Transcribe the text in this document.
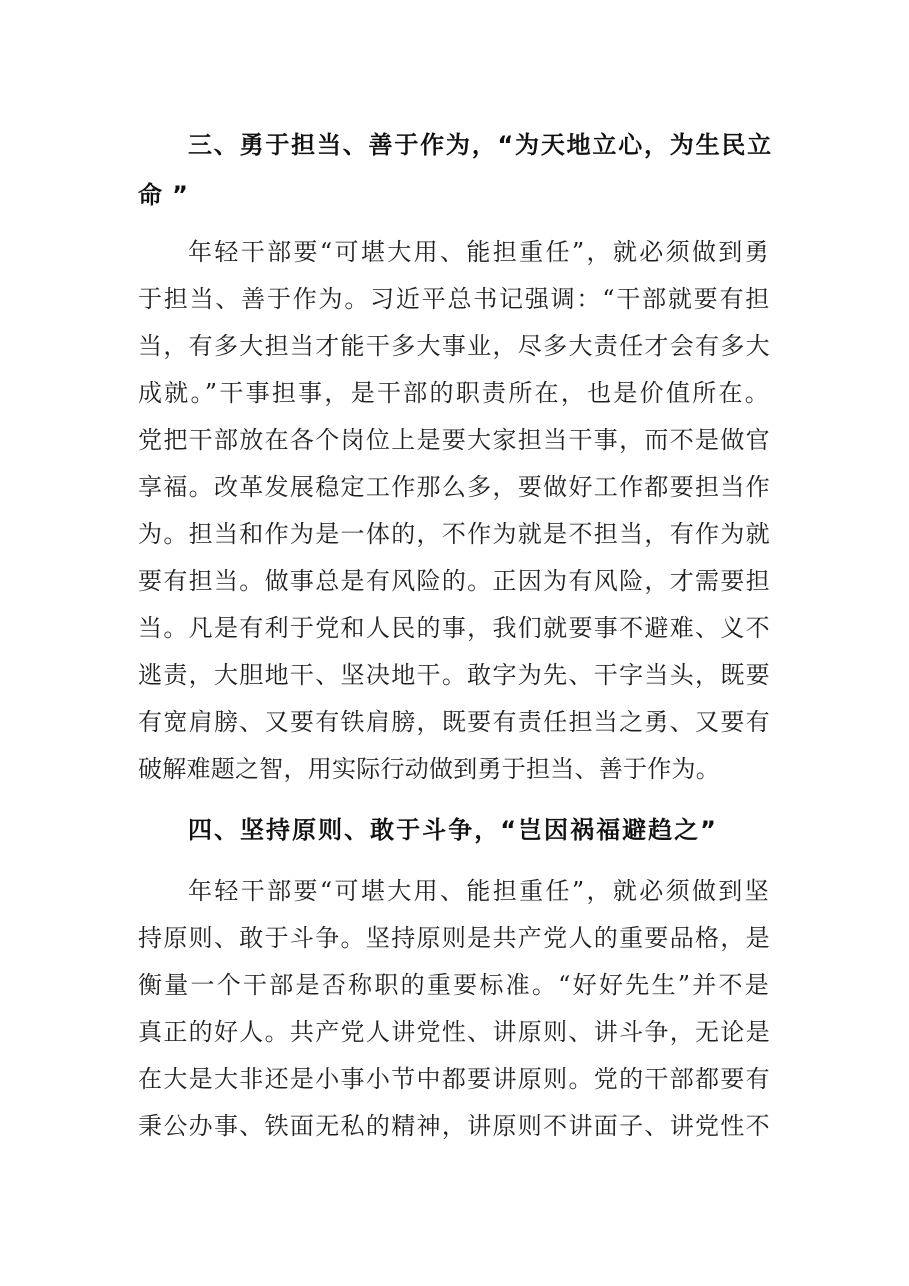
三、勇于担当、善于作为，“为天地立心，为生民立

命”

年轻干部要“可堪大用、能担重任”，就必须做到勇

于担当、善于作为。习近平总书记强调：“干部就要有担

当，有多大担当才能干多大事业，尽多大责任才会有多大

成就。”干事担事，是干部的职责所在，也是价值所在。

党把干部放在各个岗位上是要大家担当干事，而不是做官

享福。改革发展稳定工作那么多，要做好工作都要担当作

为。担当和作为是一体的，不作为就是不担当，有作为就

要有担当。做事总是有风险的。正因为有风险，才需要担

当。凡是有利于党和人民的事，我们就要事不避难、义不

逃责，大胆地干、坚决地干。敢字为先、干字当头，既要

有宽肩膀、又要有铁肩膀，既要有责任担当之勇、又要有

破解难题之智，用实际行动做到勇于担当、善于作为。

四、坚持原则、敢于斗争，“岂因祸福避趋之”

年轻干部要“可堪大用、能担重任”，就必须做到坚

持原则、敢于斗争。坚持原则是共产党人的重要品格，是

衡量一个干部是否称职的重要标准。“好好先生”并不是

真正的好人。共产党人讲党性、讲原则、讲斗争，无论是

在大是大非还是小事小节中都要讲原则。党的干部都要有

秉公办事、铁面无私的精神，讲原则不讲面子、讲党性不
